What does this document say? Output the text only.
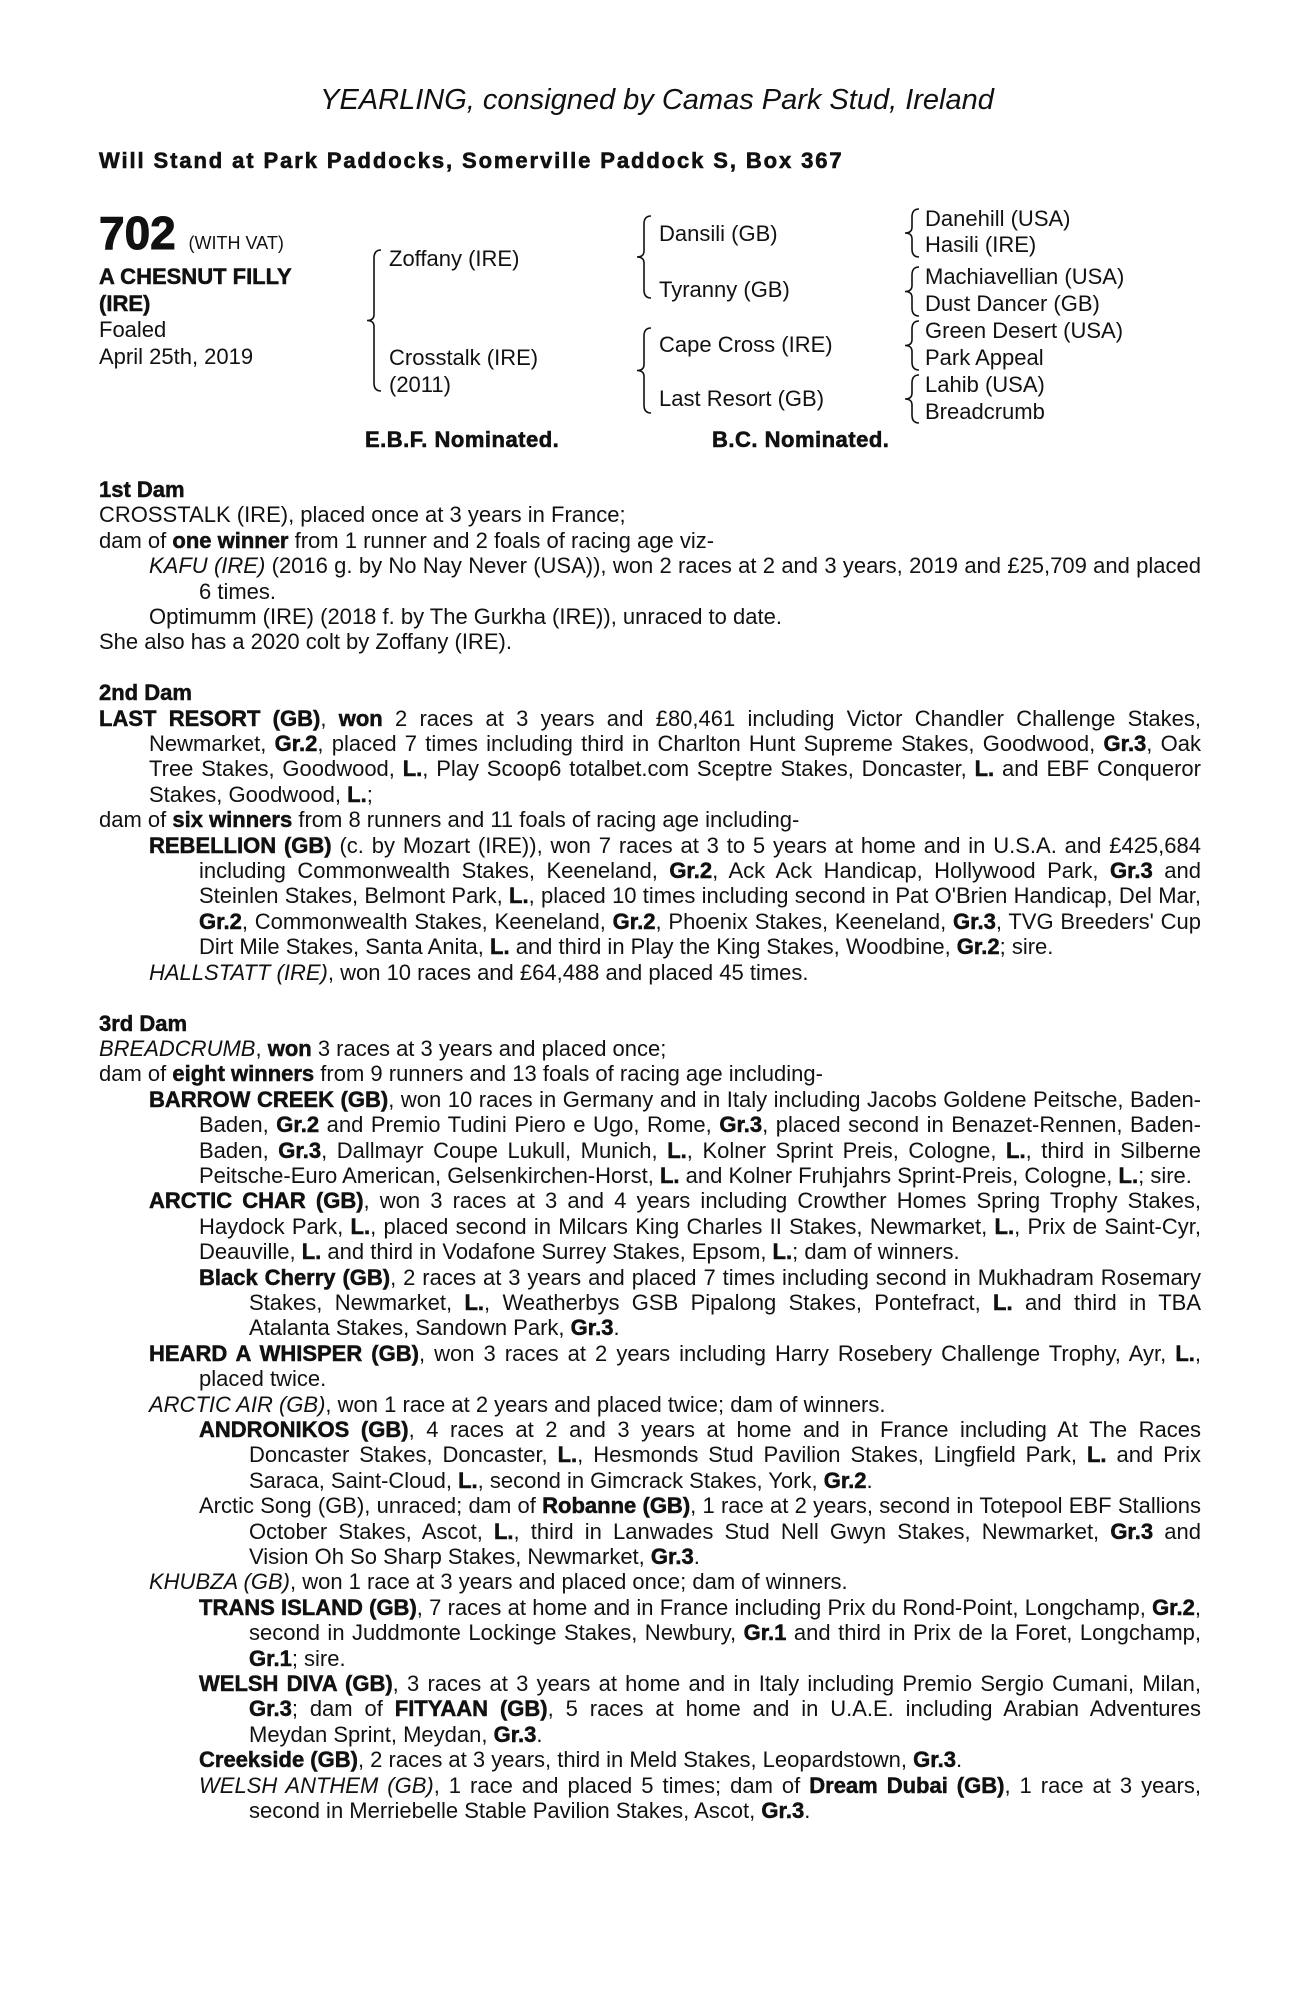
YEARLING, consigned by Camas Park Stud, Ireland
Will Stand at Park Paddocks, Somerville Paddock S, Box 367
702 (WITH VAT)
A CHESNUT FILLY
(IRE)
Foaled
April 25th, 2019
Zoffany (IRE)
Crosstalk (IRE)
(2011)
Dansili (GB)
Tyranny (GB)
Cape Cross (IRE)
Last Resort (GB)
Danehill (USA)
Hasili (IRE)
Machiavellian (USA)
Dust Dancer (GB)
Green Desert (USA)
Park Appeal
Lahib (USA)
Breadcrumb
E.B.F. Nominated.	B.C. Nominated.
1st Dam
CROSSTALK (IRE), placed once at 3 years in France;
dam of one winner from 1 runner and 2 foals of racing age viz-
KAFU (IRE) (2016 g. by No Nay Never (USA)), won 2 races at 2 and 3 years, 2019 and £25,709 and placed 6 times.
Optimumm (IRE) (2018 f. by The Gurkha (IRE)), unraced to date.
She also has a 2020 colt by Zoffany (IRE).
2nd Dam
LAST RESORT (GB), won 2 races at 3 years and £80,461 including Victor Chandler Challenge Stakes, Newmarket, Gr.2, placed 7 times including third in Charlton Hunt Supreme Stakes, Goodwood, Gr.3, Oak Tree Stakes, Goodwood, L., Play Scoop6 totalbet.com Sceptre Stakes, Doncaster, L. and EBF Conqueror Stakes, Goodwood, L.;
dam of six winners from 8 runners and 11 foals of racing age including-
REBELLION (GB) (c. by Mozart (IRE)), won 7 races at 3 to 5 years at home and in U.S.A. and £425,684 including Commonwealth Stakes, Keeneland, Gr.2, Ack Ack Handicap, Hollywood Park, Gr.3 and Steinlen Stakes, Belmont Park, L., placed 10 times including second in Pat O'Brien Handicap, Del Mar, Gr.2, Commonwealth Stakes, Keeneland, Gr.2, Phoenix Stakes, Keeneland, Gr.3, TVG Breeders' Cup Dirt Mile Stakes, Santa Anita, L. and third in Play the King Stakes, Woodbine, Gr.2; sire.
HALLSTATT (IRE), won 10 races and £64,488 and placed 45 times.
3rd Dam
BREADCRUMB, won 3 races at 3 years and placed once;
dam of eight winners from 9 runners and 13 foals of racing age including-
BARROW CREEK (GB), won 10 races in Germany and in Italy including Jacobs Goldene Peitsche, Baden-Baden, Gr.2 and Premio Tudini Piero e Ugo, Rome, Gr.3, placed second in Benazet-Rennen, Baden-Baden, Gr.3, Dallmayr Coupe Lukull, Munich, L., Kolner Sprint Preis, Cologne, L., third in Silberne Peitsche-Euro American, Gelsenkirchen-Horst, L. and Kolner Fruhjahrs Sprint-Preis, Cologne, L.; sire.
ARCTIC CHAR (GB), won 3 races at 3 and 4 years including Crowther Homes Spring Trophy Stakes, Haydock Park, L., placed second in Milcars King Charles II Stakes, Newmarket, L., Prix de Saint-Cyr, Deauville, L. and third in Vodafone Surrey Stakes, Epsom, L.; dam of winners.
Black Cherry (GB), 2 races at 3 years and placed 7 times including second in Mukhadram Rosemary Stakes, Newmarket, L., Weatherbys GSB Pipalong Stakes, Pontefract, L. and third in TBA Atalanta Stakes, Sandown Park, Gr.3.
HEARD A WHISPER (GB), won 3 races at 2 years including Harry Rosebery Challenge Trophy, Ayr, L., placed twice.
ARCTIC AIR (GB), won 1 race at 2 years and placed twice; dam of winners.
ANDRONIKOS (GB), 4 races at 2 and 3 years at home and in France including At The Races Doncaster Stakes, Doncaster, L., Hesmonds Stud Pavilion Stakes, Lingfield Park, L. and Prix Saraca, Saint-Cloud, L., second in Gimcrack Stakes, York, Gr.2.
Arctic Song (GB), unraced; dam of Robanne (GB), 1 race at 2 years, second in Totepool EBF Stallions October Stakes, Ascot, L., third in Lanwades Stud Nell Gwyn Stakes, Newmarket, Gr.3 and Vision Oh So Sharp Stakes, Newmarket, Gr.3.
KHUBZA (GB), won 1 race at 3 years and placed once; dam of winners.
TRANS ISLAND (GB), 7 races at home and in France including Prix du Rond-Point, Longchamp, Gr.2, second in Juddmonte Lockinge Stakes, Newbury, Gr.1 and third in Prix de la Foret, Longchamp, Gr.1; sire.
WELSH DIVA (GB), 3 races at 3 years at home and in Italy including Premio Sergio Cumani, Milan, Gr.3; dam of FITYAAN (GB), 5 races at home and in U.A.E. including Arabian Adventures Meydan Sprint, Meydan, Gr.3.
Creekside (GB), 2 races at 3 years, third in Meld Stakes, Leopardstown, Gr.3.
WELSH ANTHEM (GB), 1 race and placed 5 times; dam of Dream Dubai (GB), 1 race at 3 years, second in Merriebelle Stable Pavilion Stakes, Ascot, Gr.3.
